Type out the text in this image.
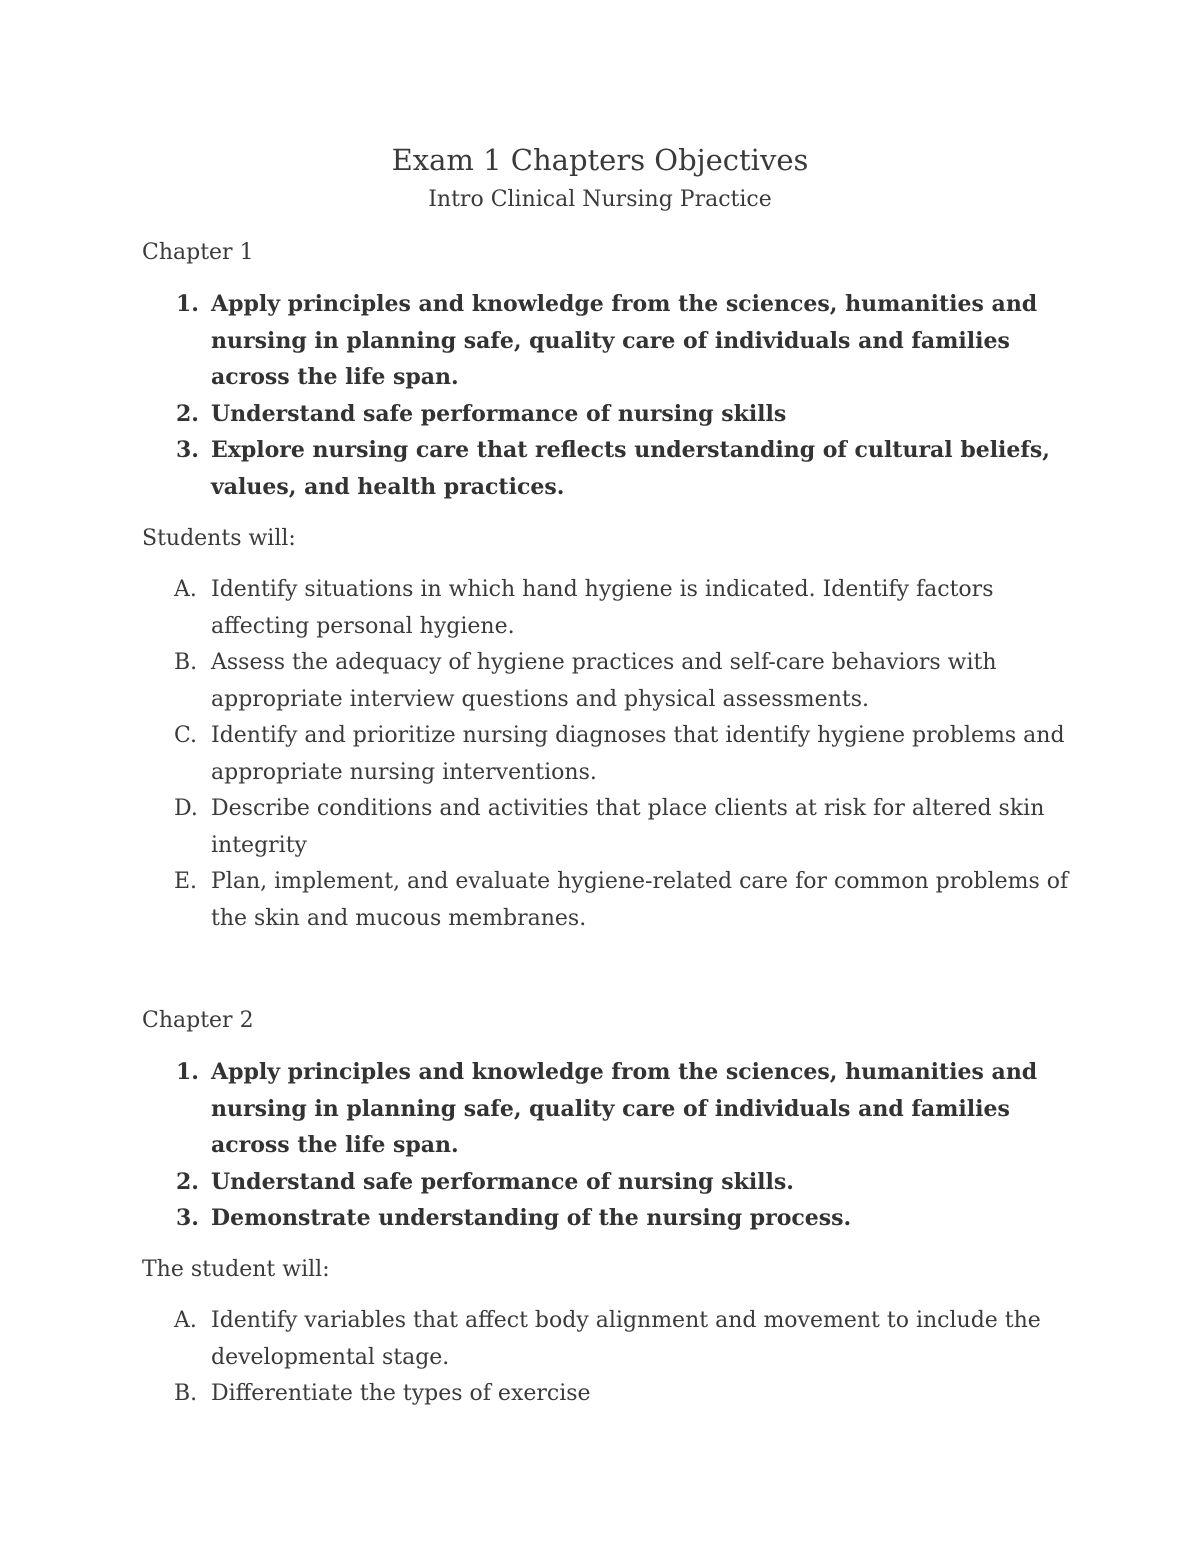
Exam 1 Chapters Objectives
Intro Clinical Nursing Practice
Chapter 1
1. Apply principles and knowledge from the sciences, humanities and nursing in planning safe, quality care of individuals and families across the life span.
2. Understand safe performance of nursing skills
3. Explore nursing care that reflects understanding of cultural beliefs, values, and health practices.
Students will:
A. Identify situations in which hand hygiene is indicated. Identify factors affecting personal hygiene.
B. Assess the adequacy of hygiene practices and self-care behaviors with appropriate interview questions and physical assessments.
C. Identify and prioritize nursing diagnoses that identify hygiene problems and appropriate nursing interventions.
D. Describe conditions and activities that place clients at risk for altered skin integrity
E. Plan, implement, and evaluate hygiene-related care for common problems of the skin and mucous membranes.
Chapter 2
1. Apply principles and knowledge from the sciences, humanities and nursing in planning safe, quality care of individuals and families across the life span.
2. Understand safe performance of nursing skills.
3. Demonstrate understanding of the nursing process.
The student will:
A. Identify variables that affect body alignment and movement to include the developmental stage.
B. Differentiate the types of exercise
